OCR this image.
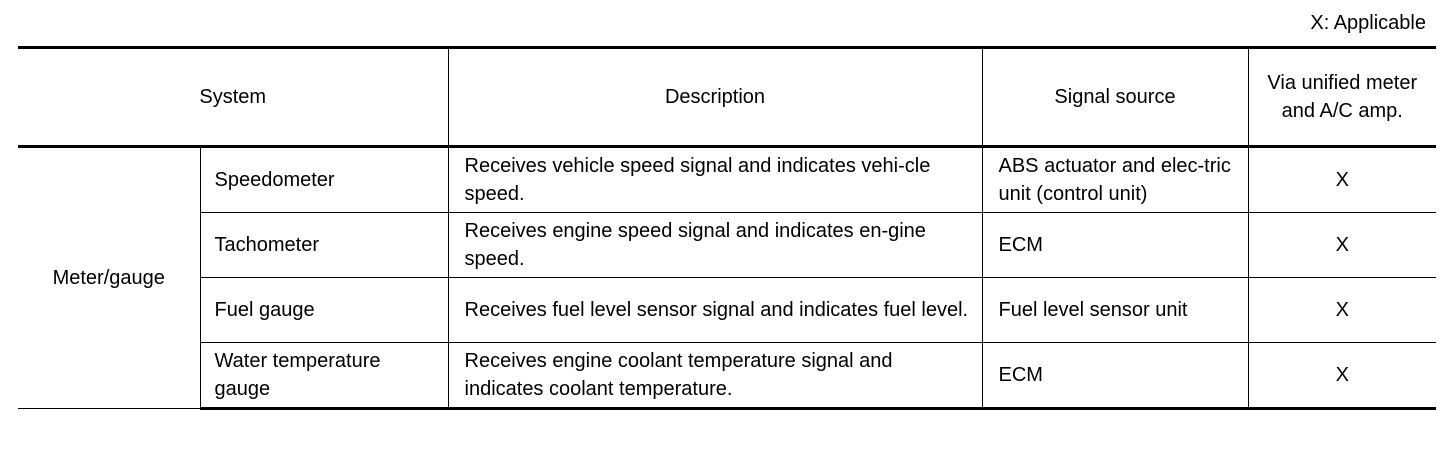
X: Applicable
System		Description	Signal source	Via unified meter and A/C amp.
Meter/gauge	Speedometer	Receives vehicle speed signal and indicates vehi-cle speed.	ABS actuator and elec-tric unit (control unit)	X
	Tachometer	Receives engine speed signal and indicates en-gine speed.	ECM	X
	Fuel gauge	Receives fuel level sensor signal and indicates fuel level.	Fuel level sensor unit	X
	Water temperature gauge	Receives engine coolant temperature signal and indicates coolant temperature.	ECM	X
